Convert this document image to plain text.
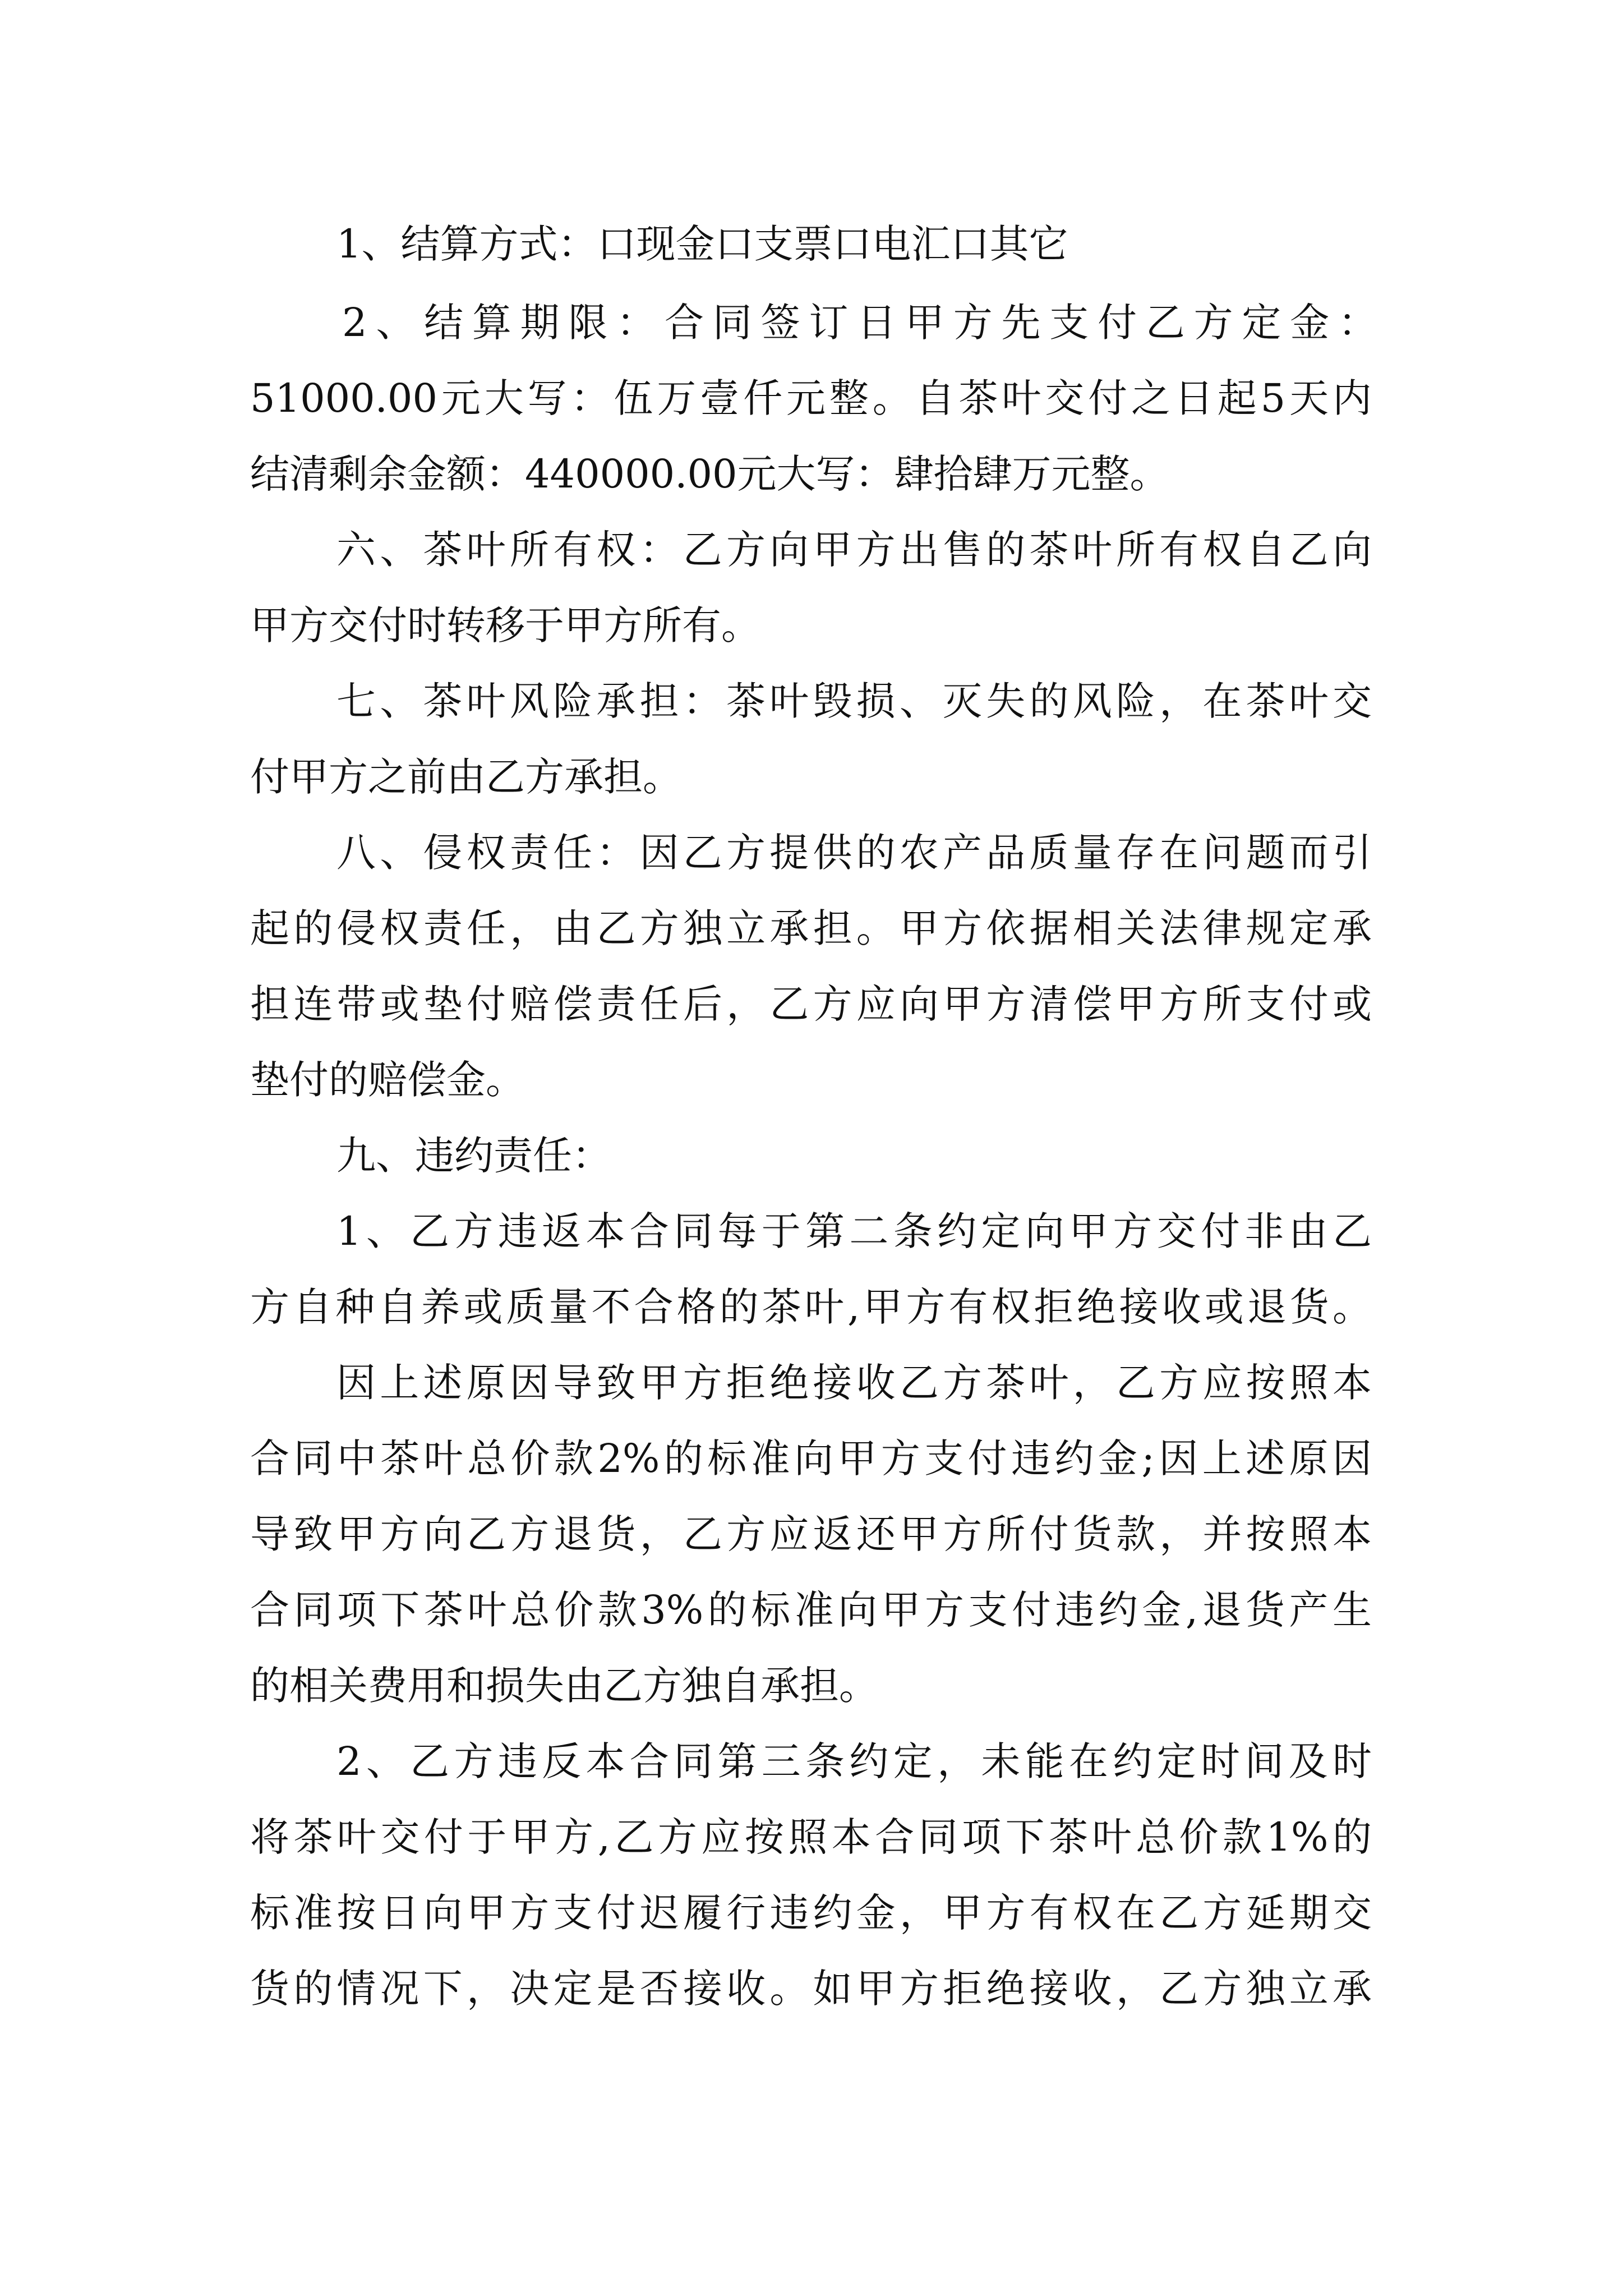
1、结算方式：口现金口支票口电汇口其它
2、结算期限：合同签订日甲方先支付乙方定金：
51000.00元大写：伍万壹仟元整。自茶叶交付之日起5天内
结清剩余金额：440000.00元大写：肆拾肆万元整。
六、茶叶所有权：乙方向甲方出售的茶叶所有权自乙向
甲方交付时转移于甲方所有。
七、茶叶风险承担：茶叶毁损、灭失的风险，在茶叶交
付甲方之前由乙方承担。
八、侵权责任：因乙方提供的农产品质量存在问题而引
起的侵权责任，由乙方独立承担。甲方依据相关法律规定承
担连带或垫付赔偿责任后，乙方应向甲方清偿甲方所支付或
垫付的赔偿金。
九、违约责任：
1、乙方违返本合同每于第二条约定向甲方交付非由乙
方自种自养或质量不合格的茶叶,甲方有权拒绝接收或退货。
因上述原因导致甲方拒绝接收乙方茶叶，乙方应按照本
合同中茶叶总价款2%的标准向甲方支付违约金;因上述原因
导致甲方向乙方退货，乙方应返还甲方所付货款，并按照本
合同项下茶叶总价款3%的标准向甲方支付违约金,退货产生
的相关费用和损失由乙方独自承担。
2、乙方违反本合同第三条约定，未能在约定时间及时
将茶叶交付于甲方,乙方应按照本合同项下茶叶总价款1%的
标准按日向甲方支付迟履行违约金，甲方有权在乙方延期交
货的情况下，决定是否接收。如甲方拒绝接收，乙方独立承
